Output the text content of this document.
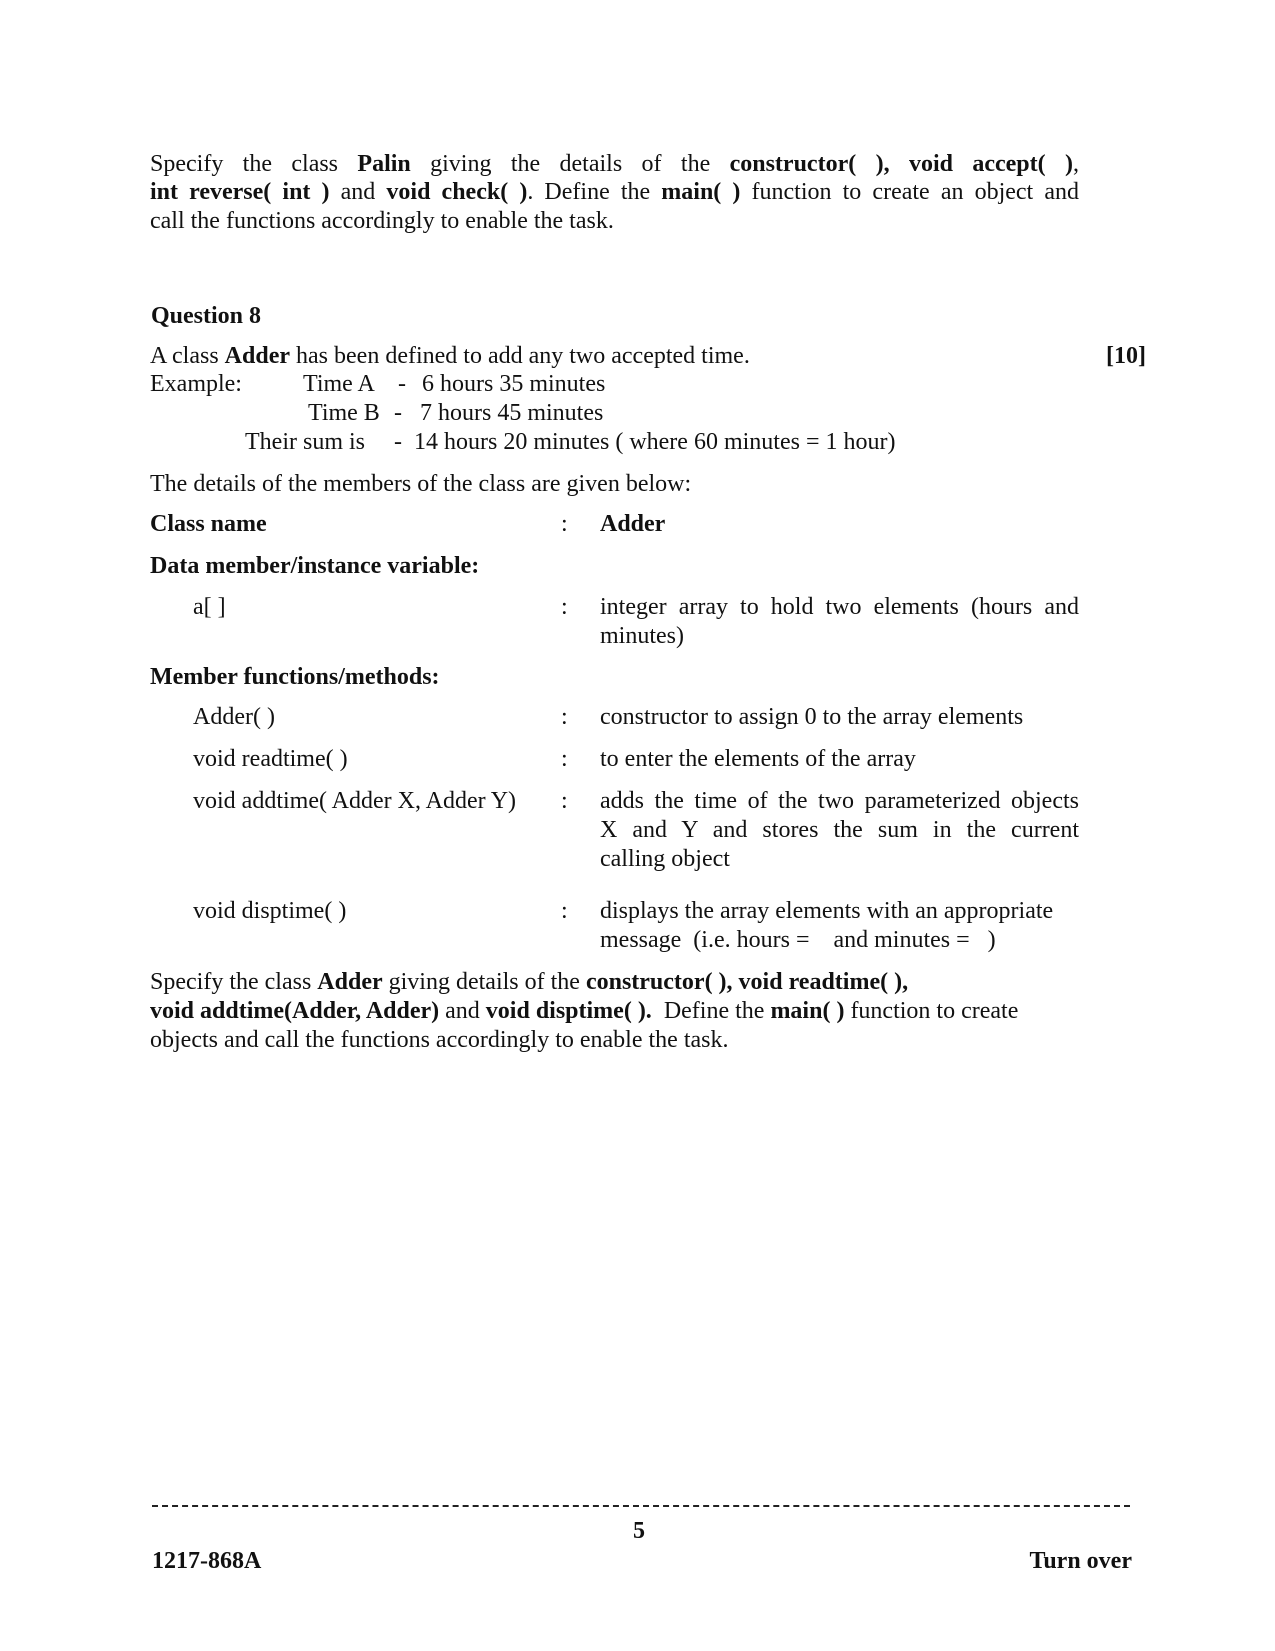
Specify the class Palin giving the details of the constructor( ), void accept( ),
int reverse( int ) and void check( ). Define the main( ) function to create an object and
call the functions accordingly to enable the task.
Question 8
A class Adder has been defined to add any two accepted time.	[10]
Example:	Time A - 6 hours 35 minutes
Time B - 7 hours 45 minutes
Their sum is - 14 hours 20 minutes ( where 60 minutes = 1 hour)
The details of the members of the class are given below:
Class name	: Adder
Data member/instance variable:
a[ ]	: integer array to hold two elements (hours and
minutes)
Member functions/methods:
Adder( )	: constructor to assign 0 to the array elements
void readtime( )	: to enter the elements of the array
void addtime( Adder X, Adder Y) : adds the time of the two parameterized objects
X and Y and stores the sum in the current
calling object
void disptime( )	: displays the array elements with an appropriate
message  (i.e. hours =    and minutes =   )
Specify the class Adder giving details of the constructor( ), void readtime( ),
void addtime(Adder, Adder) and void disptime( ).  Define the main( ) function to create
objects and call the functions accordingly to enable the task.
5
1217-868A	Turn over
